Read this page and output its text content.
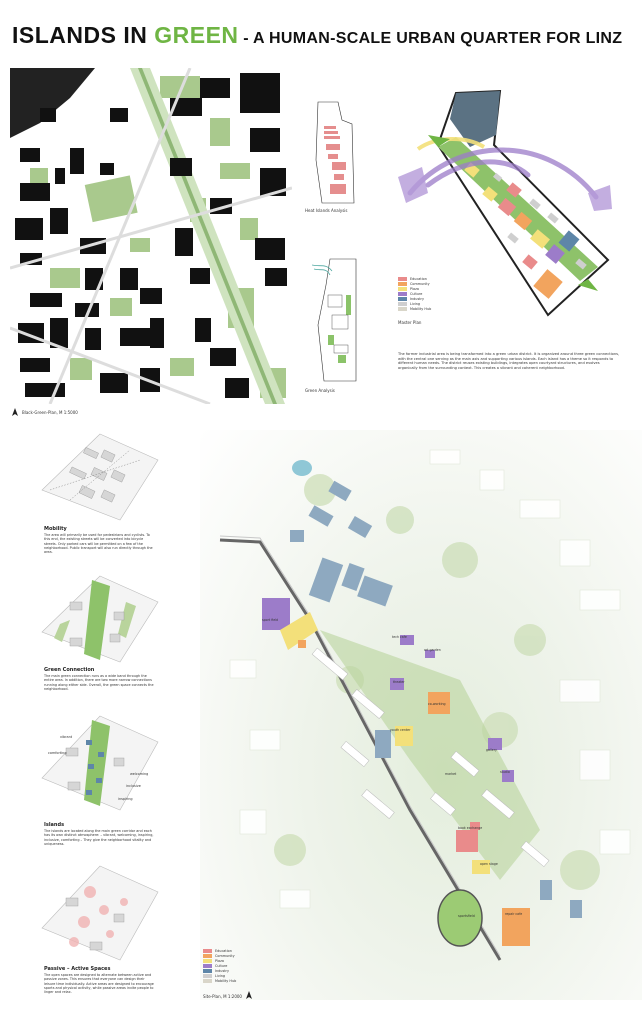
ISLANDS IN GREEN - A HUMAN-SCALE URBAN QUARTER FOR LINZ
Black-Green-Plan, M 1:5000
Heat Islands Analysis
Green Analysis
Education
Community
Plaza
Culture
Industry
Living
Mobility Hub
Master Plan
The former industrial area is being transformed into a green urban district. It is organized around three green connections, with the central one serving as the main axis and supporting various islands. Each island has a theme so it responds to different human needs. The district reuses existing buildings, integrates open courtyard structures, and evolves organically from the surrounding context. This creates a vibrant and coherent neighborhood.
sport field
tech cafe
art garden
theater
co-working
youth center
sportsfield	repair cafe
book exchange
market
gallery
studio
open stage
Education
Community
Plaza
Culture
Industry
Living
Mobility Hub
Site-Plan, M 1:2000
Mobility
The area will primarily be used for pedestrians and cyclists. To this end, the existing streets will be converted into bicycle streets. Only parked cars will be permitted on a few of the neighborhood. Public transport will also run directly through the area.
Green Connection
The main green connection runs as a wide band through the entire area. In addition, there are two more narrow connections running along either side. Overall, the green space connects the neighborhood.
vibrant
comforting
welcoming
inclusive
inspiring
Islands
The islands are located along the main green corridor and each has its own distinct atmosphere: – vibrant, welcoming, inspiring, inclusive, comforting – They give the neighborhood vitality and uniqueness.
Passive – Active Spaces
The open spaces are designed to alternate between active and passive zones. This ensures that everyone can design their leisure time individually. Active areas are designed to encourage sports and physical activity, while passive areas invite people to linger and relax.
